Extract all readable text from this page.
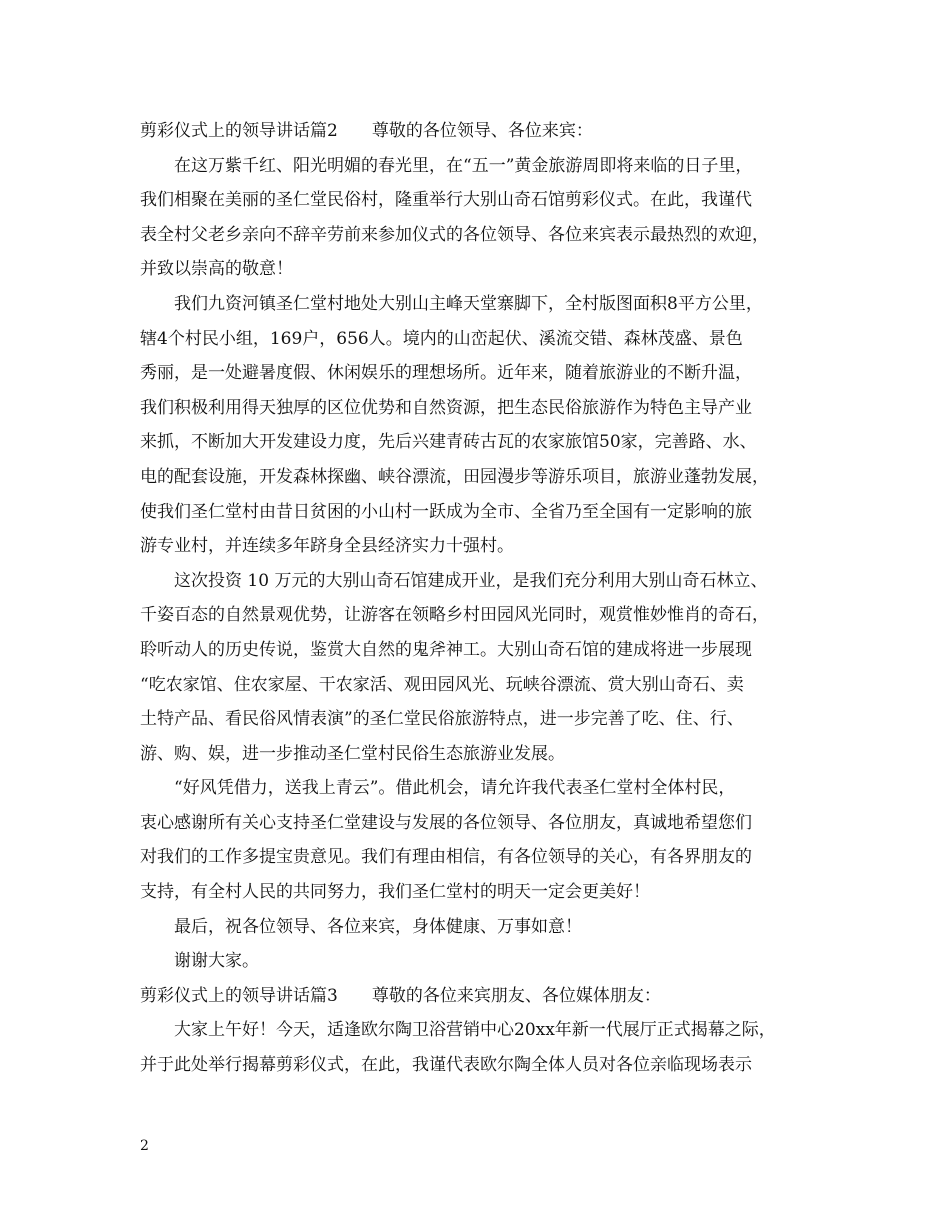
剪彩仪式上的领导讲话篇2 尊敬的各位领导、各位来宾：
在这万紫千红、阳光明媚的春光里，在“五一”黄金旅游周即将来临的日子里，
我们相聚在美丽的圣仁堂民俗村，隆重举行大别山奇石馆剪彩仪式。在此，我谨代
表全村父老乡亲向不辞辛劳前来参加仪式的各位领导、各位来宾表示最热烈的欢迎，
并致以崇高的敬意！
我们九资河镇圣仁堂村地处大别山主峰天堂寨脚下，全村版图面积8平方公里，
辖4个村民小组，169户，656人。境内的山峦起伏、溪流交错、森林茂盛、景色
秀丽，是一处避暑度假、休闲娱乐的理想场所。近年来，随着旅游业的不断升温，
我们积极利用得天独厚的区位优势和自然资源，把生态民俗旅游作为特色主导产业
来抓，不断加大开发建设力度，先后兴建青砖古瓦的农家旅馆50家，完善路、水、
电的配套设施，开发森林探幽、峡谷漂流，田园漫步等游乐项目，旅游业蓬勃发展，
使我们圣仁堂村由昔日贫困的小山村一跃成为全市、全省乃至全国有一定影响的旅
游专业村，并连续多年跻身全县经济实力十强村。
这次投资 10 万元的大别山奇石馆建成开业，是我们充分利用大别山奇石林立、
千姿百态的自然景观优势，让游客在领略乡村田园风光同时，观赏惟妙惟肖的奇石，
聆听动人的历史传说，鉴赏大自然的鬼斧神工。大别山奇石馆的建成将进一步展现
“吃农家馆、住农家屋、干农家活、观田园风光、玩峡谷漂流、赏大别山奇石、卖
土特产品、看民俗风情表演”的圣仁堂民俗旅游特点，进一步完善了吃、住、行、
游、购、娱，进一步推动圣仁堂村民俗生态旅游业发展。
“好风凭借力，送我上青云”。借此机会，请允许我代表圣仁堂村全体村民，
衷心感谢所有关心支持圣仁堂建设与发展的各位领导、各位朋友，真诚地希望您们
对我们的工作多提宝贵意见。我们有理由相信，有各位领导的关心，有各界朋友的
支持，有全村人民的共同努力，我们圣仁堂村的明天一定会更美好！
最后，祝各位领导、各位来宾，身体健康、万事如意！
谢谢大家。
剪彩仪式上的领导讲话篇3 尊敬的各位来宾朋友、各位媒体朋友：
大家上午好！今天，适逢欧尔陶卫浴营销中心20xx年新一代展厅正式揭幕之际，
并于此处举行揭幕剪彩仪式，在此，我谨代表欧尔陶全体人员对各位亲临现场表示
2
